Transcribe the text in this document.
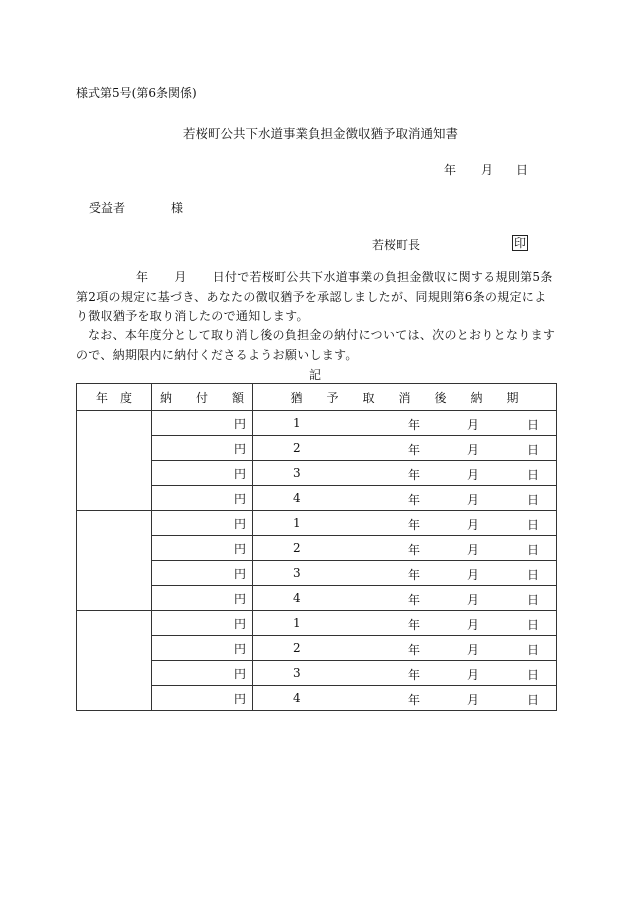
様式第5号(第6条関係)
若桜町公共下水道事業負担金徴収猶予取消通知書
年 月 日
受益者	様
若桜町長	印
年 月 日付で若桜町公共下水道事業の負担金徴収に関する規則第5条第2項の規定に基づき、あなたの徴収猶予を承認しましたが、同規則第6条の規定により徴収猶予を取り消したので通知します。
なお、本年度分として取り消し後の負担金の納付については、次のとおりとなりますので、納期限内に納付くださるようお願いします。
記
年　度	納　　付　　額	猶　　予　　取　　消　　後　　納　　期
	円	1 年 月 日

	円	2 年 月 日

	円	3 年 月 日

	円	4 年 月 日

	円	1 年 月 日

	円	2 年 月 日

	円	3 年 月 日

	円	4 年 月 日

	円	1 年 月 日

	円	2 年 月 日

	円	3 年 月 日

	円	4 年 月 日
